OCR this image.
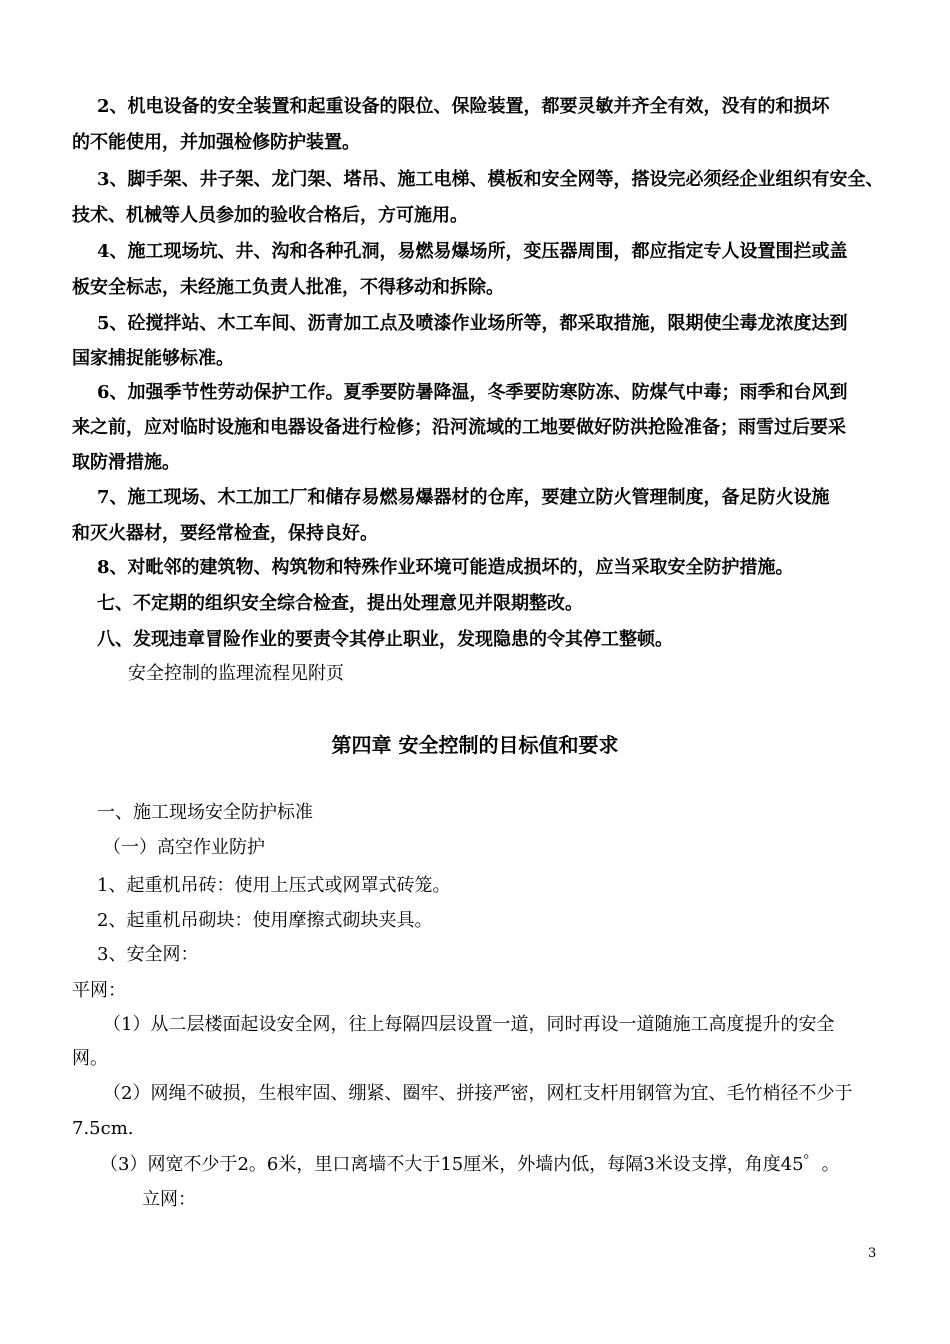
2、机电设备的安全装置和起重设备的限位、保险装置，都要灵敏并齐全有效，没有的和损坏
的不能使用，并加强检修防护装置。
3、脚手架、井子架、龙门架、塔吊、施工电梯、模板和安全网等，搭设完必须经企业组织有安全、
技术、机械等人员参加的验收合格后，方可施用。
4、施工现场坑、井、沟和各种孔洞，易燃易爆场所，变压器周围，都应指定专人设置围拦或盖
板安全标志，未经施工负责人批准，不得移动和拆除。
5、砼搅拌站、木工车间、沥青加工点及喷漆作业场所等，都采取措施，限期使尘毒龙浓度达到
国家捕捉能够标准。
6、加强季节性劳动保护工作。夏季要防暑降温，冬季要防寒防冻、防煤气中毒；雨季和台风到
来之前，应对临时设施和电器设备进行检修；沿河流域的工地要做好防洪抢险准备；雨雪过后要采
取防滑措施。
7、施工现场、木工加工厂和储存易燃易爆器材的仓库，要建立防火管理制度，备足防火设施
和灭火器材，要经常检查，保持良好。
8、对毗邻的建筑物、构筑物和特殊作业环境可能造成损坏的，应当采取安全防护措施。
七、不定期的组织安全综合检查，提出处理意见并限期整改。
八、发现违章冒险作业的要责令其停止职业，发现隐患的令其停工整顿。
安全控制的监理流程见附页
第四章 安全控制的目标值和要求
一、施工现场安全防护标准
（一）高空作业防护
1、起重机吊砖：使用上压式或网罩式砖笼。
2、起重机吊砌块：使用摩擦式砌块夹具。
3、安全网：
平网：
（1）从二层楼面起设安全网，往上每隔四层设置一道，同时再设一道随施工高度提升的安全
网。
（2）网绳不破损，生根牢固、绷紧、圈牢、拼接严密，网杠支杆用钢管为宜、毛竹梢径不少于
7.5cm.
（3）网宽不少于2。6米，里口离墙不大于15厘米，外墙内低，每隔3米设支撑，角度45゜。
立网：
3
